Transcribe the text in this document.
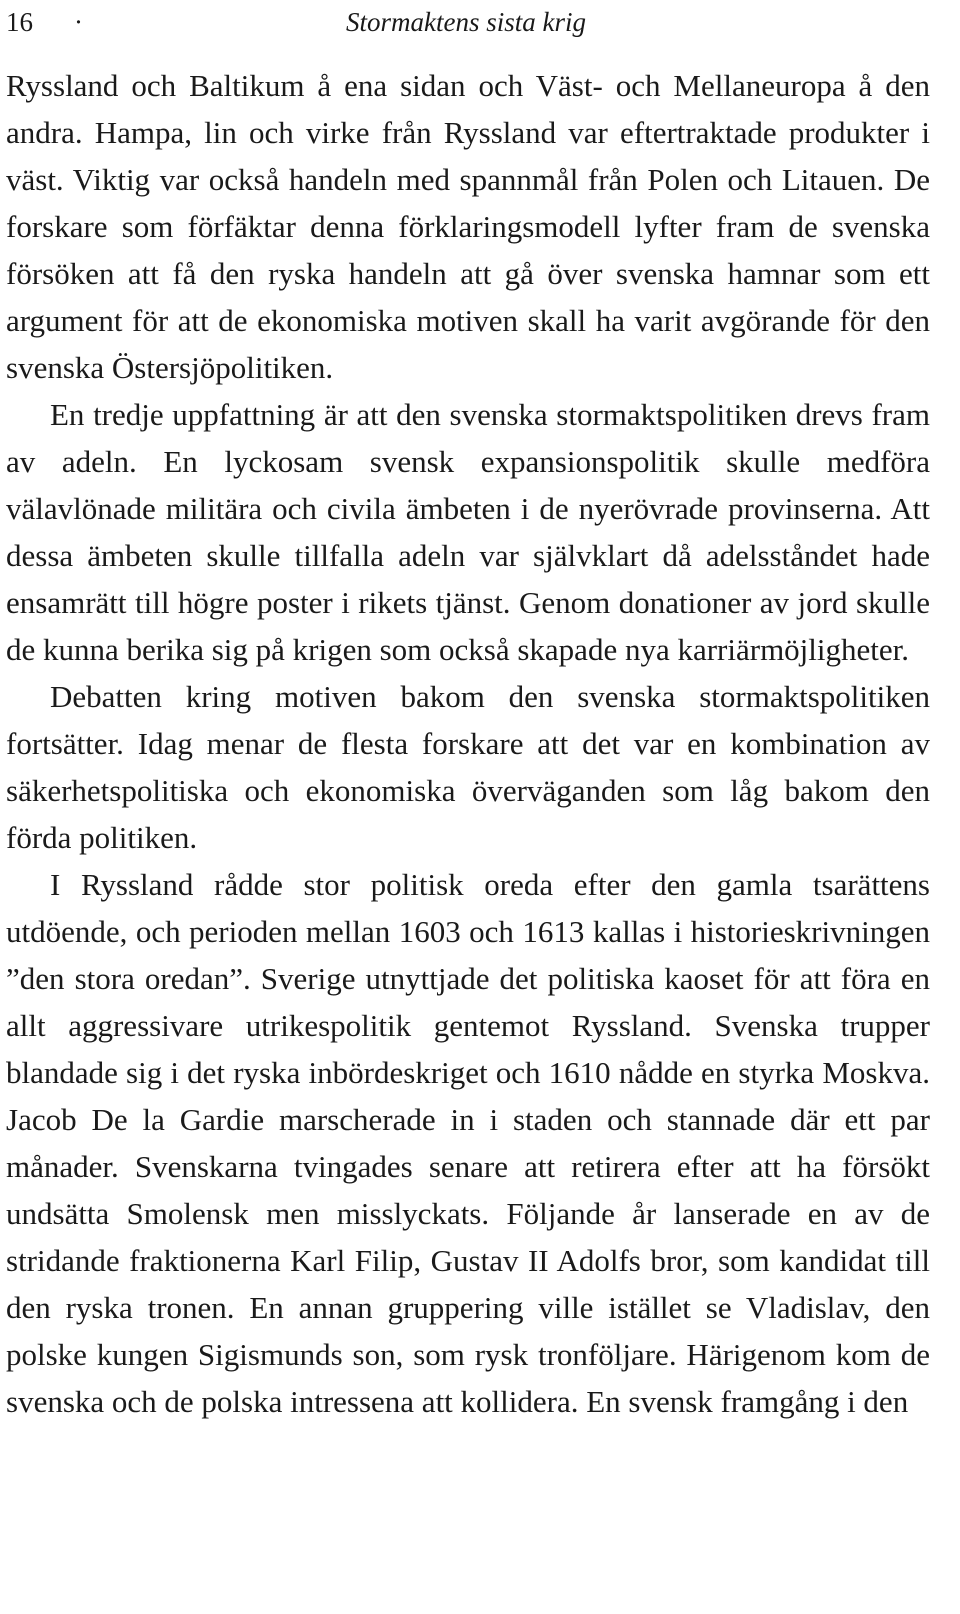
16 ·	Stormaktens sista krig

Ryssland och Baltikum å ena sidan och Väst- och Mellaneuropa å den andra. Hampa, lin och virke från Ryssland var eftertraktade produkter i väst. Viktig var också handeln med spannmål från Polen och Litauen. De forskare som förfäktar denna förklaringsmodell lyfter fram de svenska försöken att få den ryska handeln att gå över svenska hamnar som ett argument för att de ekonomiska motiven skall ha varit avgörande för den svenska Östersjöpolitiken.

En tredje uppfattning är att den svenska stormaktspolitiken drevs fram av adeln. En lyckosam svensk expansionspolitik skulle medföra välavlönade militära och civila ämbeten i de nyerövrade provinserna. Att dessa ämbeten skulle tillfalla adeln var självklart då adelsståndet hade ensamrätt till högre poster i rikets tjänst. Genom donationer av jord skulle de kunna berika sig på krigen som också skapade nya karriärmöjligheter.

Debatten kring motiven bakom den svenska stormaktspolitiken fortsätter. Idag menar de flesta forskare att det var en kombination av säkerhetspolitiska och ekonomiska överväganden som låg bakom den förda politiken.

I Ryssland rådde stor politisk oreda efter den gamla tsarättens utdöende, och perioden mellan 1603 och 1613 kallas i historieskrivningen ”den stora oredan”. Sverige utnyttjade det politiska kaoset för att föra en allt aggressivare utrikespolitik gentemot Ryssland. Svenska trupper blandade sig i det ryska inbördeskriget och 1610 nådde en styrka Moskva. Jacob De la Gardie marscherade in i staden och stannade där ett par månader. Svenskarna tvingades senare att retirera efter att ha försökt undsätta Smolensk men misslyckats. Följande år lanserade en av de stridande fraktionerna Karl Filip, Gustav II Adolfs bror, som kandidat till den ryska tronen. En annan gruppering ville istället se Vladislav, den polske kungen Sigismunds son, som rysk tronföljare. Härigenom kom de svenska och de polska intressena att kollidera. En svensk framgång i den
